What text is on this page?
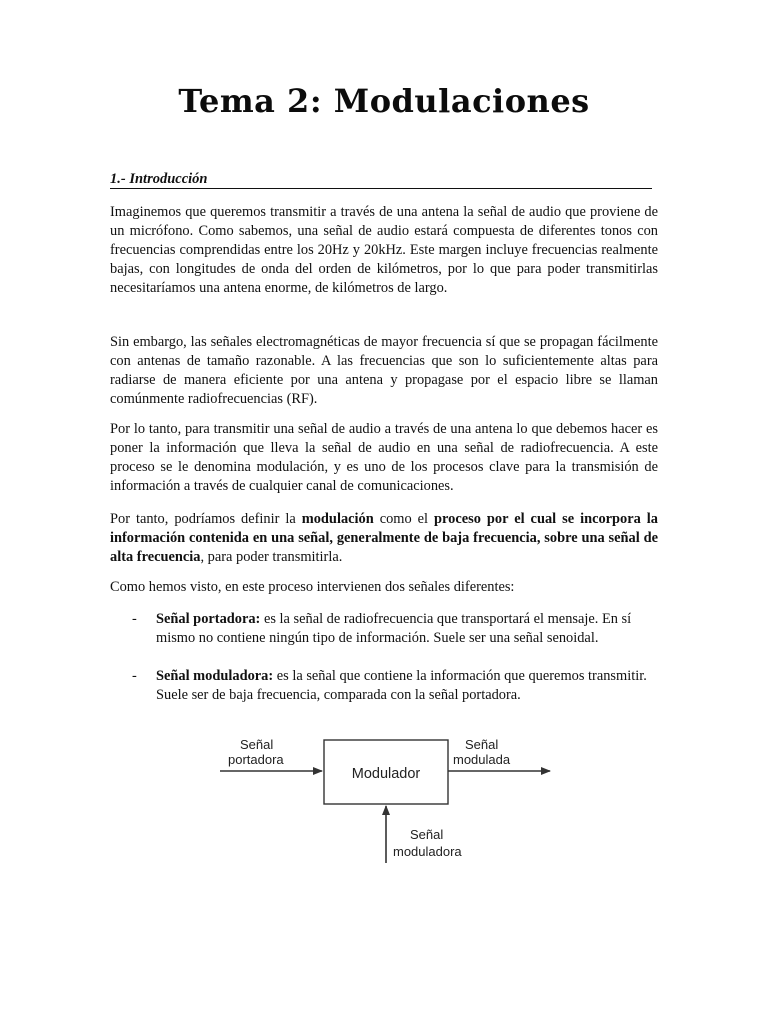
Tema 2: Modulaciones
1.- Introducción

Imaginemos que queremos transmitir a través de una antena la señal de audio que proviene de un micrófono. Como sabemos, una señal de audio estará compuesta de diferentes tonos con frecuencias comprendidas entre los 20Hz y 20kHz. Este margen incluye frecuencias realmente bajas, con longitudes de onda del orden de kilómetros, por lo que para poder transmitirlas necesitaríamos una antena enorme, de kilómetros de largo.

Sin embargo, las señales electromagnéticas de mayor frecuencia sí que se propagan fácilmente con antenas de tamaño razonable. A las frecuencias que son lo suficientemente altas para radiarse de manera eficiente por una antena y propagase por el espacio libre se llaman comúnmente radiofrecuencias (RF).

Por lo tanto, para transmitir una señal de audio a través de una antena lo que debemos hacer es poner la información que lleva la señal de audio en una señal de radiofrecuencia. A este proceso se le denomina modulación, y es uno de los procesos clave para la transmisión de información a través de cualquier canal de comunicaciones.

Por tanto, podríamos definir la modulación como el proceso por el cual se incorpora la información contenida en una señal, generalmente de baja frecuencia, sobre una señal de alta frecuencia, para poder transmitirla.

Como hemos visto, en este proceso intervienen dos señales diferentes:

- Señal portadora: es la señal de radiofrecuencia que transportará el mensaje. En sí mismo no contiene ningún tipo de información. Suele ser una señal senoidal.
- Señal moduladora: es la señal que contiene la información que queremos transmitir. Suele ser de baja frecuencia, comparada con la señal portadora.
Señal
portadora
Modulador
Señal
modulada
Señal
moduladora
